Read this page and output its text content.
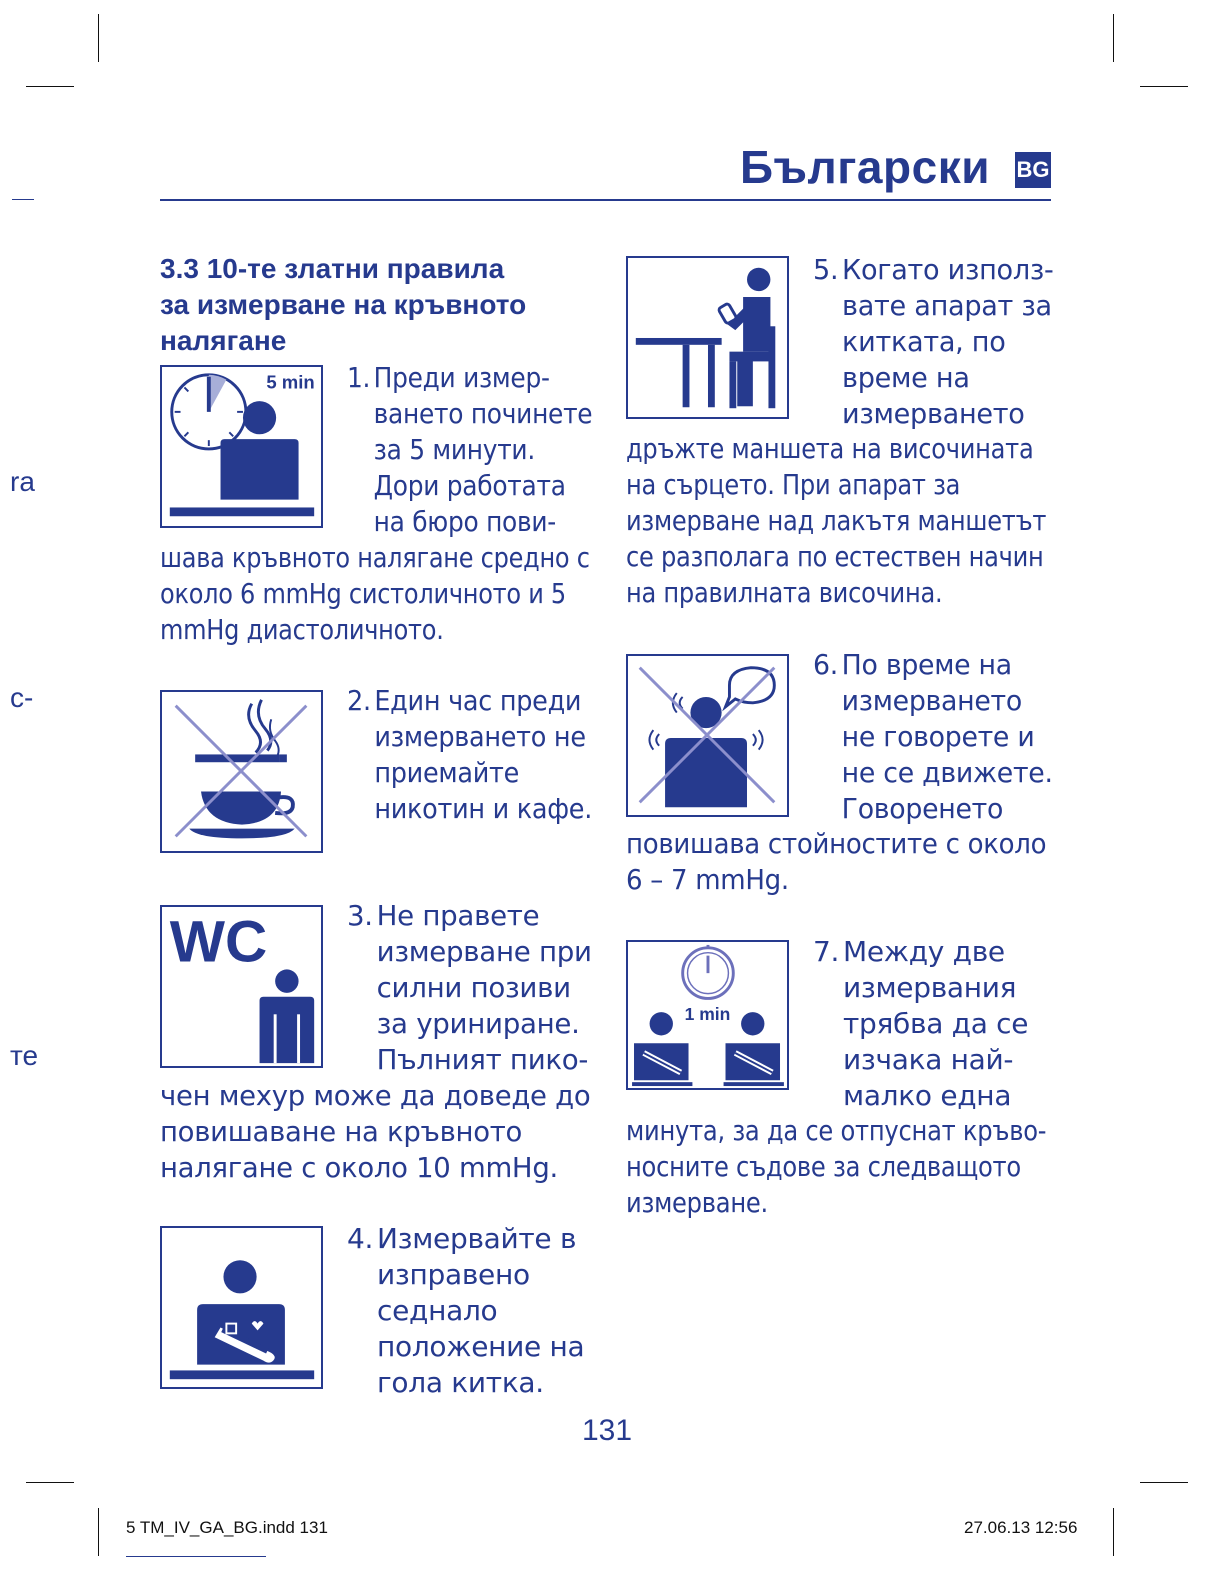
ra
c-
те
Български BG
3.3 10-те златни правила
за измерване на кръвното
налягане
5 min
WC
1 min
1. Преди измер-
ването починете
за 5 минути.
Дори работата
на бюро пови-
шава кръвното налягане средно с
около 6 mmHg систоличното и 5
mmHg диастоличното.
2. Един час преди
измерването не
приемайте
никотин и кафе.
3. Не правете
измерване при
силни позиви
за уриниране.
Пълният пико-
чен мехур може да доведе до
повишаване на кръвното
налягане с около 10 mmHg.
4. Измервайте в
изправено
седнало
положение на
гола китка.
5. Когато използ-
вате апарат за
китката, по
време на
измерването
дръжте маншета на височината
на сърцето. При апарат за
измерване над лакътя маншетът
се разполага по естествен начин
на правилната височина.
6. По време на
измерването
не говорете и
не се движете.
Говоренето
повишава стойностите с около
6 – 7 mmHg.
7. Между две
измервания
трябва да се
изчака най-
малко една
минута, за да се отпуснат кръво-
носните съдове за следващото
измерване.
131
5 TM_IV_GA_BG.indd 131	27.06.13 12:56
